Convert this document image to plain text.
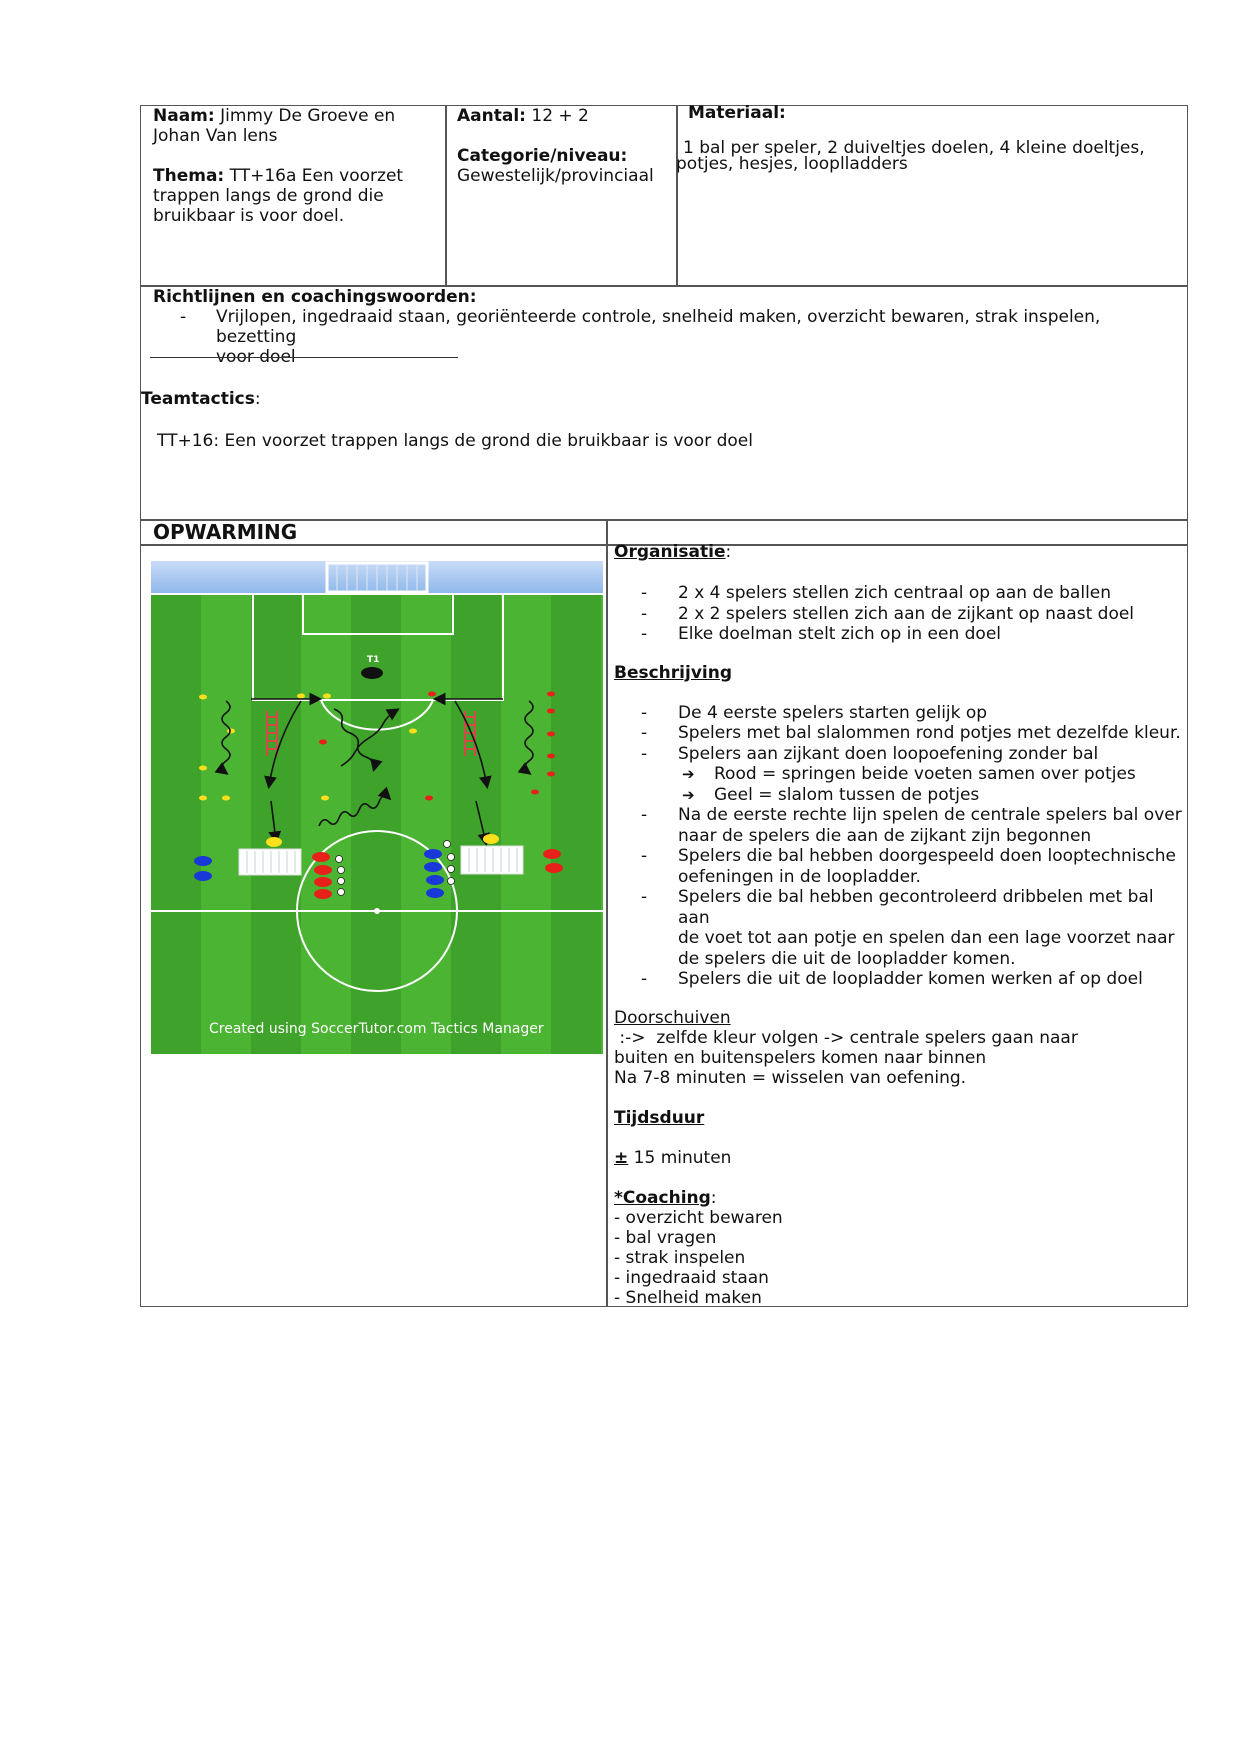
Naam: Jimmy De Groeve en
Johan Van lens
Thema: TT+16a Een voorzet
trappen langs de grond die
bruikbaar is voor doel.
Aantal: 12 + 2
Categorie/niveau:
Gewestelijk/provinciaal
Materiaal:
1 bal per speler, 2 duiveltjes doelen, 4 kleine doeltjes,
potjes, hesjes, looplladders
Richtlijnen en coachingswoorden:
- Vrijlopen, ingedraaid staan, georiënteerde controle, snelheid maken, overzicht bewaren, strak inspelen, bezetting
voor doel
Teamtactics:
TT+16: Een voorzet trappen langs de grond die bruikbaar is voor doel
OPWARMING
T1
Created using SoccerTutor.com Tactics Manager
Organisatie:
- 2 x 4 spelers stellen zich centraal op aan de ballen
- 2 x 2 spelers stellen zich aan de zijkant op naast doel
- Elke doelman stelt zich op in een doel
Beschrijving
- De 4 eerste spelers starten gelijk op
- Spelers met bal slalommen rond potjes met dezelfde kleur.
- Spelers aan zijkant doen loopoefening zonder bal
➔ Rood = springen beide voeten samen over potjes
➔ Geel = slalom tussen de potjes
- Na de eerste rechte lijn spelen de centrale spelers bal over
naar de spelers die aan de zijkant zijn begonnen
- Spelers die bal hebben doorgespeeld doen looptechnische
oefeningen in de loopladder.
- Spelers die bal hebben gecontroleerd dribbelen met bal aan
de voet tot aan potje en spelen dan een lage voorzet naar
de spelers die uit de loopladder komen.
- Spelers die uit de loopladder komen werken af op doel
Doorschuiven :->  zelfde kleur volgen -> centrale spelers gaan naar
buiten en buitenspelers komen naar binnen
Na 7-8 minuten = wisselen van oefening.
Tijdsduur
± 15 minuten
*Coaching:
- overzicht bewaren
- bal vragen
- strak inspelen
- ingedraaid staan
- Snelheid maken
